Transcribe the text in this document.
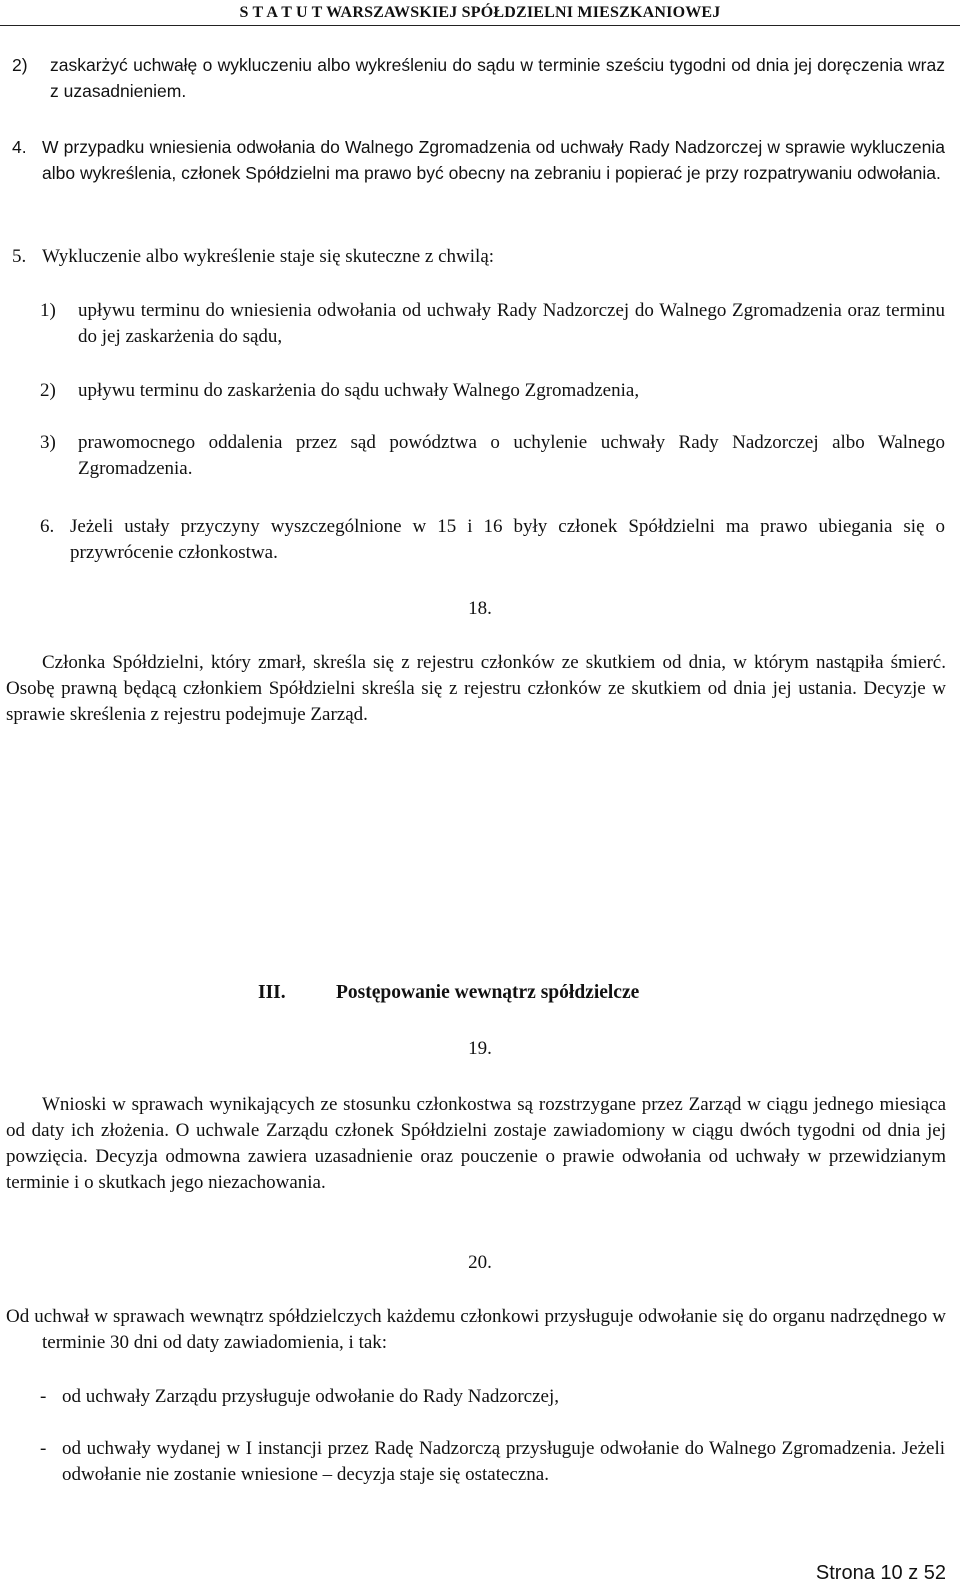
S T A T U T WARSZAWSKIEJ SPÓŁDZIELNI MIESZKANIOWEJ
2)	zaskarżyć uchwałę o wykluczeniu albo wykreśleniu do sądu w terminie sześciu tygodni od dnia jej doręczenia wraz z uzasadnieniem.
4. W przypadku wniesienia odwołania do Walnego Zgromadzenia od uchwały Rady Nadzorczej w sprawie wykluczenia albo wykreślenia, członek Spółdzielni ma prawo być obecny na zebraniu i popierać je przy rozpatrywaniu odwołania.
5. Wykluczenie albo wykreślenie staje się skuteczne z chwilą:
1)	upływu terminu do wniesienia odwołania od uchwały Rady Nadzorczej do Walnego Zgromadzenia oraz terminu do jej zaskarżenia do sądu,
2)	upływu terminu do zaskarżenia do sądu uchwały Walnego Zgromadzenia,
3)	prawomocnego oddalenia przez sąd powództwa o uchylenie uchwały Rady Nadzorczej albo Walnego Zgromadzenia.
6. Jeżeli ustały przyczyny wyszczególnione w 15 i 16 były członek Spółdzielni ma prawo ubiegania się o przywrócenie członkostwa.
18.
Członka Spółdzielni, który zmarł, skreśla się z rejestru członków ze skutkiem od dnia, w którym nastąpiła śmierć. Osobę prawną będącą członkiem Spółdzielni skreśla się z rejestru członków ze skutkiem od dnia jej ustania. Decyzje w sprawie skreślenia z rejestru podejmuje Zarząd.
III.	Postępowanie wewnątrz spółdzielcze
19.
Wnioski w sprawach wynikających ze stosunku członkostwa są rozstrzygane przez Zarząd w ciągu jednego miesiąca od daty ich złożenia. O uchwale Zarządu członek Spółdzielni zostaje zawiadomiony w ciągu dwóch tygodni od dnia jej powzięcia. Decyzja odmowna zawiera uzasadnienie oraz pouczenie o prawie odwołania od uchwały w przewidzianym terminie i o skutkach jego niezachowania.
20.
Od uchwał w sprawach wewnątrz spółdzielczych każdemu członkowi przysługuje odwołanie się do organu nadrzędnego w terminie 30 dni od daty zawiadomienia, i tak:
- od uchwały Zarządu przysługuje odwołanie do Rady Nadzorczej,
- od uchwały wydanej w I instancji przez Radę Nadzorczą przysługuje odwołanie do Walnego Zgromadzenia. Jeżeli odwołanie nie zostanie wniesione – decyzja staje się ostateczna.
Strona 10 z 52
